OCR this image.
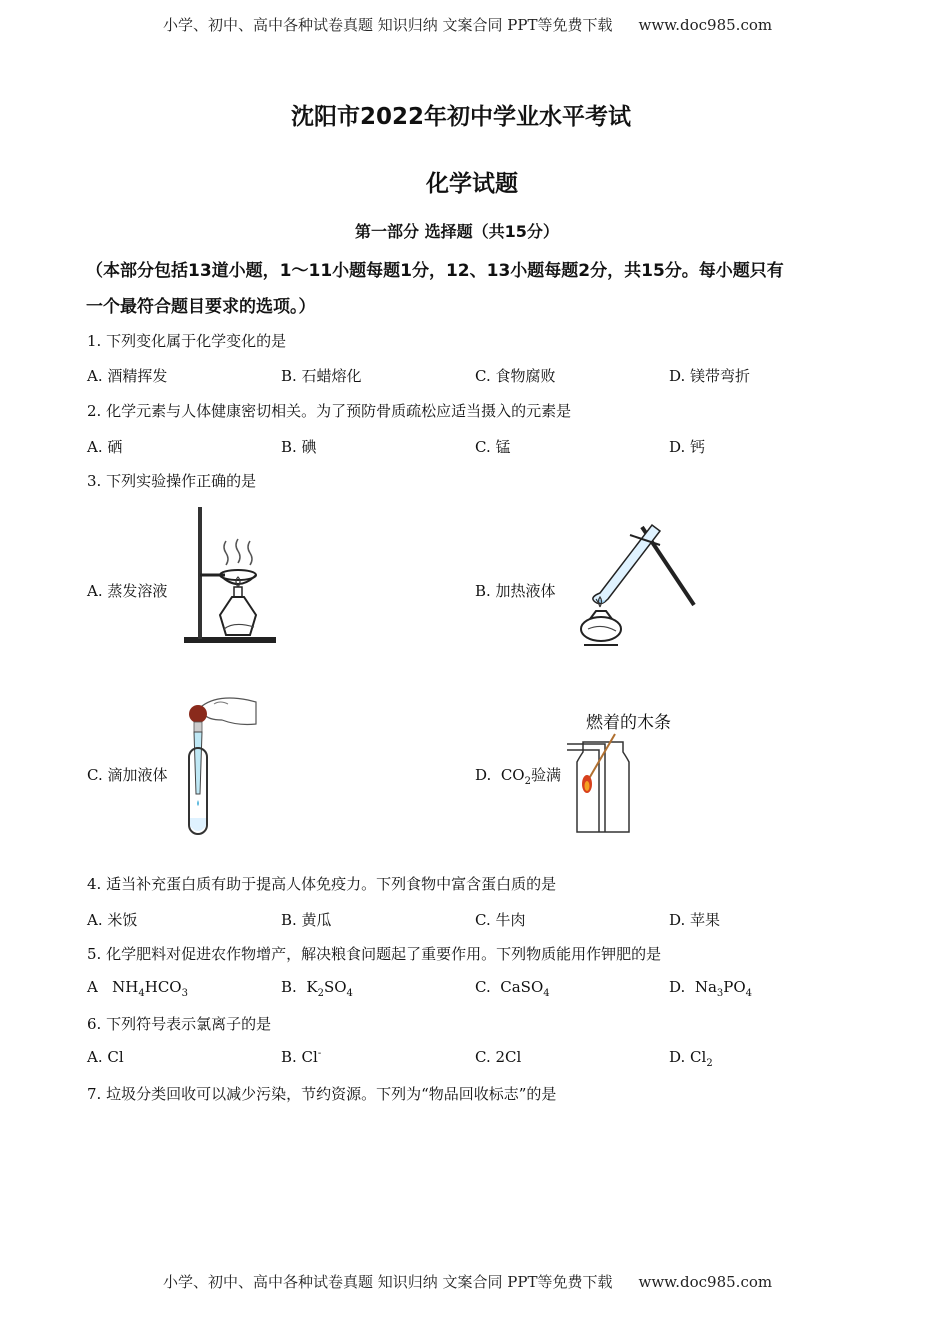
小学、初中、高中各种试卷真题 知识归纳 文案合同 PPT等免费下载 www.doc985.com
沈阳市2022年初中学业水平考试
化学试题
第一部分 选择题（共15分）
（本部分包括13道小题，1～11小题每题1分，12、13小题每题2分，共15分。每小题只有
一个最符合题目要求的选项。）
1. 下列变化属于化学变化的是
A. 酒精挥发	B. 石蜡熔化	C. 食物腐败	D. 镁带弯折
2. 化学元素与人体健康密切相关。为了预防骨质疏松应适当摄入的元素是
A. 硒	B. 碘	C. 锰	D. 钙
3. 下列实验操作正确的是
A. 蒸发溶液	B. 加热液体
C. 滴加液体	D. $CO_2$验满
燃着的木条
4. 适当补充蛋白质有助于提高人体免疫力。下列食物中富含蛋白质的是
A. 米饭	B. 黄瓜	C. 牛肉	D. 苹果
5. 化学肥料对促进农作物增产，解决粮食问题起了重要作用。下列物质能用作钾肥的是
A $NH_4HCO_3$	B. $K_2SO_4$	C. CaSO$_4$	D. $Na_3PO_4$
6. 下列符号表示氯离子的是
A. Cl	B. Cl-	C. 2Cl	D. $Cl_2$
7. 垃圾分类回收可以减少污染，节约资源。下列为“物品回收标志”的是
小学、初中、高中各种试卷真题 知识归纳 文案合同 PPT等免费下载 www.doc985.com
